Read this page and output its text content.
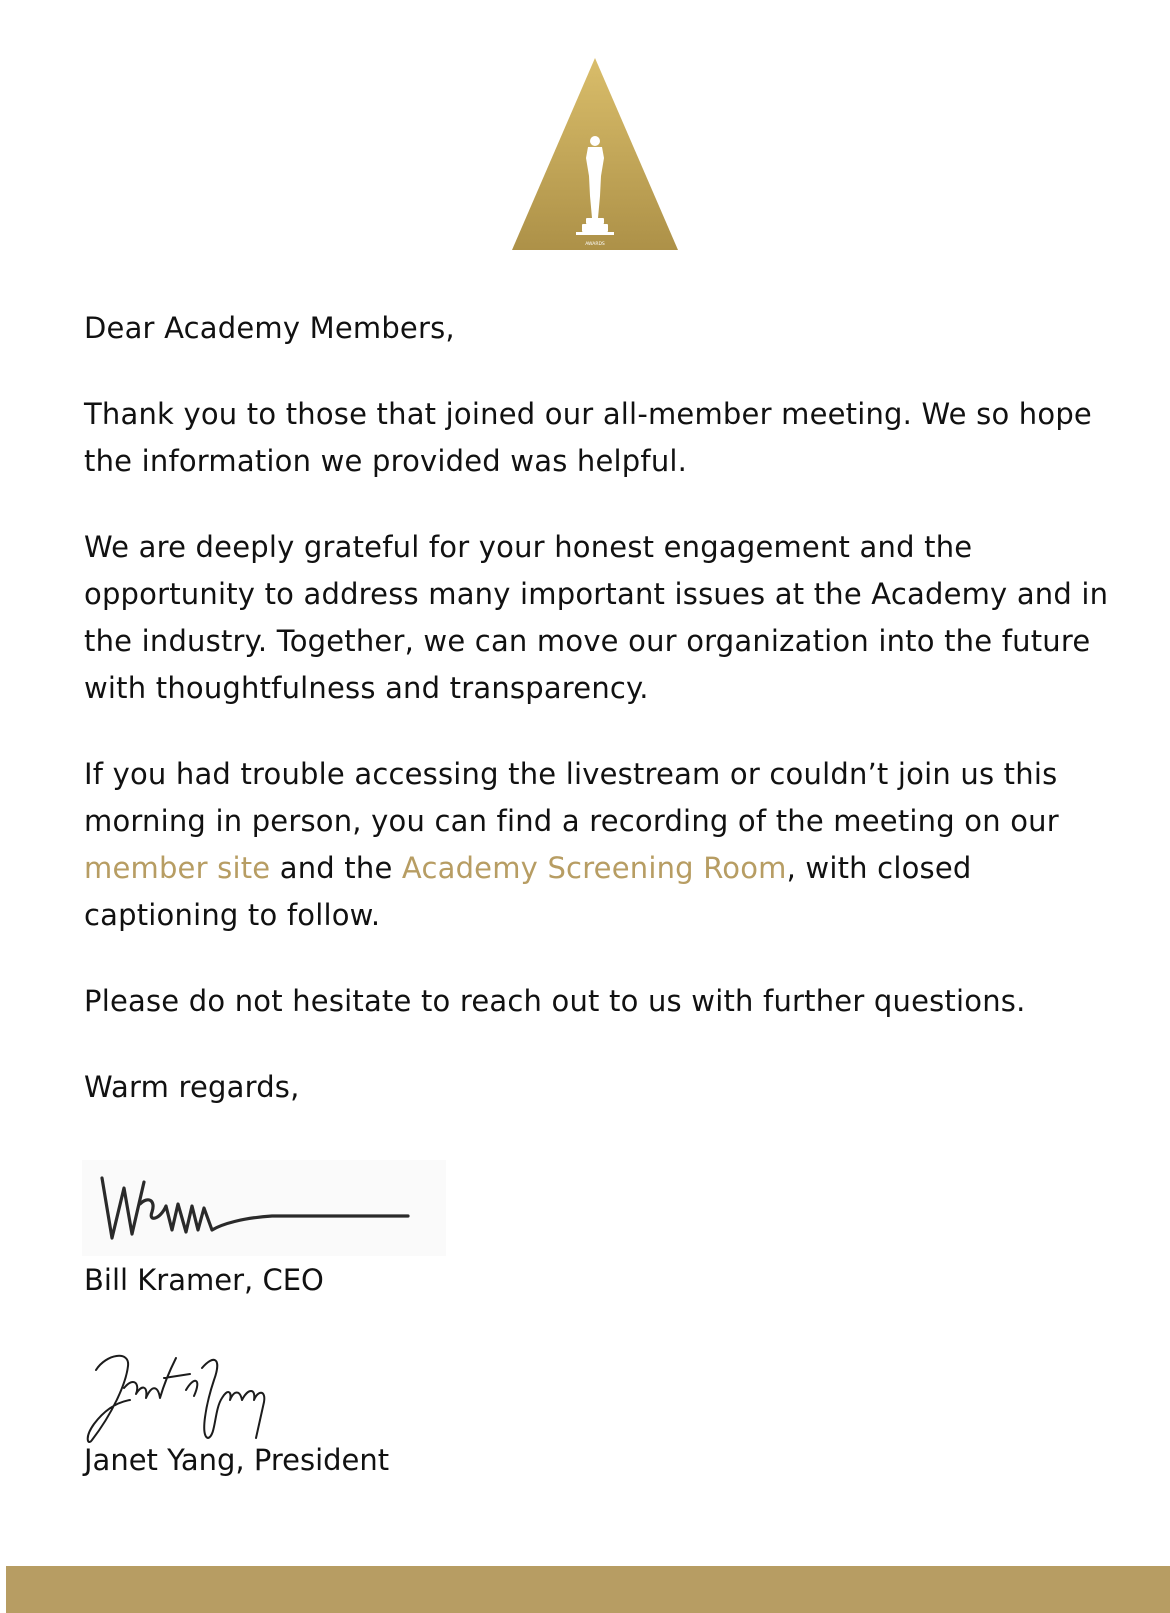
AWARDS

Dear Academy Members,

Thank you to those that joined our all-member meeting. We so hope the information we provided was helpful.

We are deeply grateful for your honest engagement and the opportunity to address many important issues at the Academy and in the industry. Together, we can move our organization into the future with thoughtfulness and transparency.

If you had trouble accessing the livestream or couldn’t join us this morning in person, you can find a recording of the meeting on our member site and the Academy Screening Room, with closed captioning to follow.

Please do not hesitate to reach out to us with further questions.

Warm regards,

Bill Kramer, CEO
Janet Yang, President
